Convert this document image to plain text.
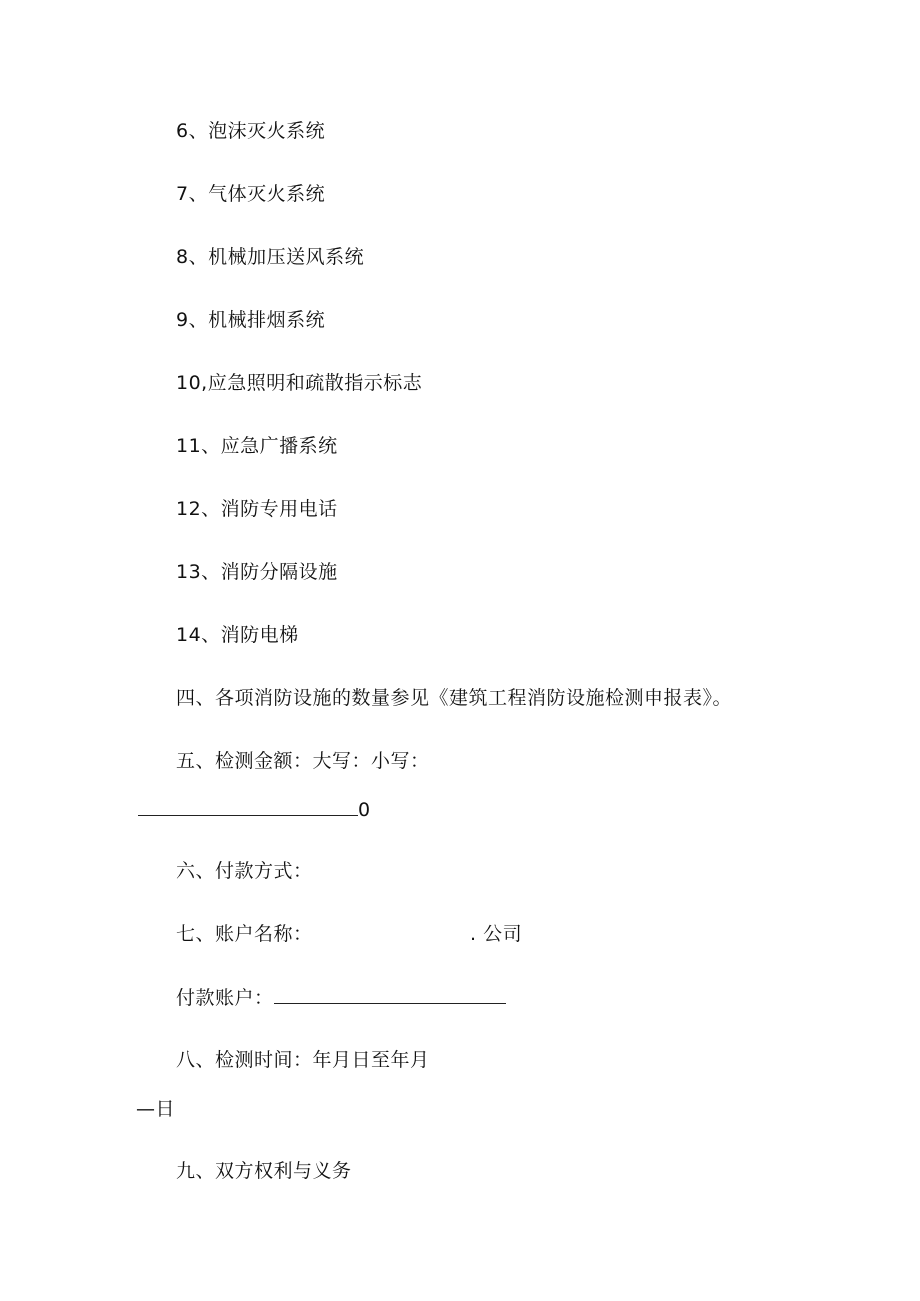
6、泡沫灭火系统
7、气体灭火系统
8、机械加压送风系统
9、机械排烟系统
10,应急照明和疏散指示标志
11、应急广播系统
12、消防专用电话
13、消防分隔设施
14、消防电梯
四、各项消防设施的数量参见《建筑工程消防设施检测申报表》。
五、检测金额：大写：小写：
0
六、付款方式：
七、账户名称：	. 公司
付款账户：
八、检测时间：年月日至年月
—日
九、双方权利与义务
